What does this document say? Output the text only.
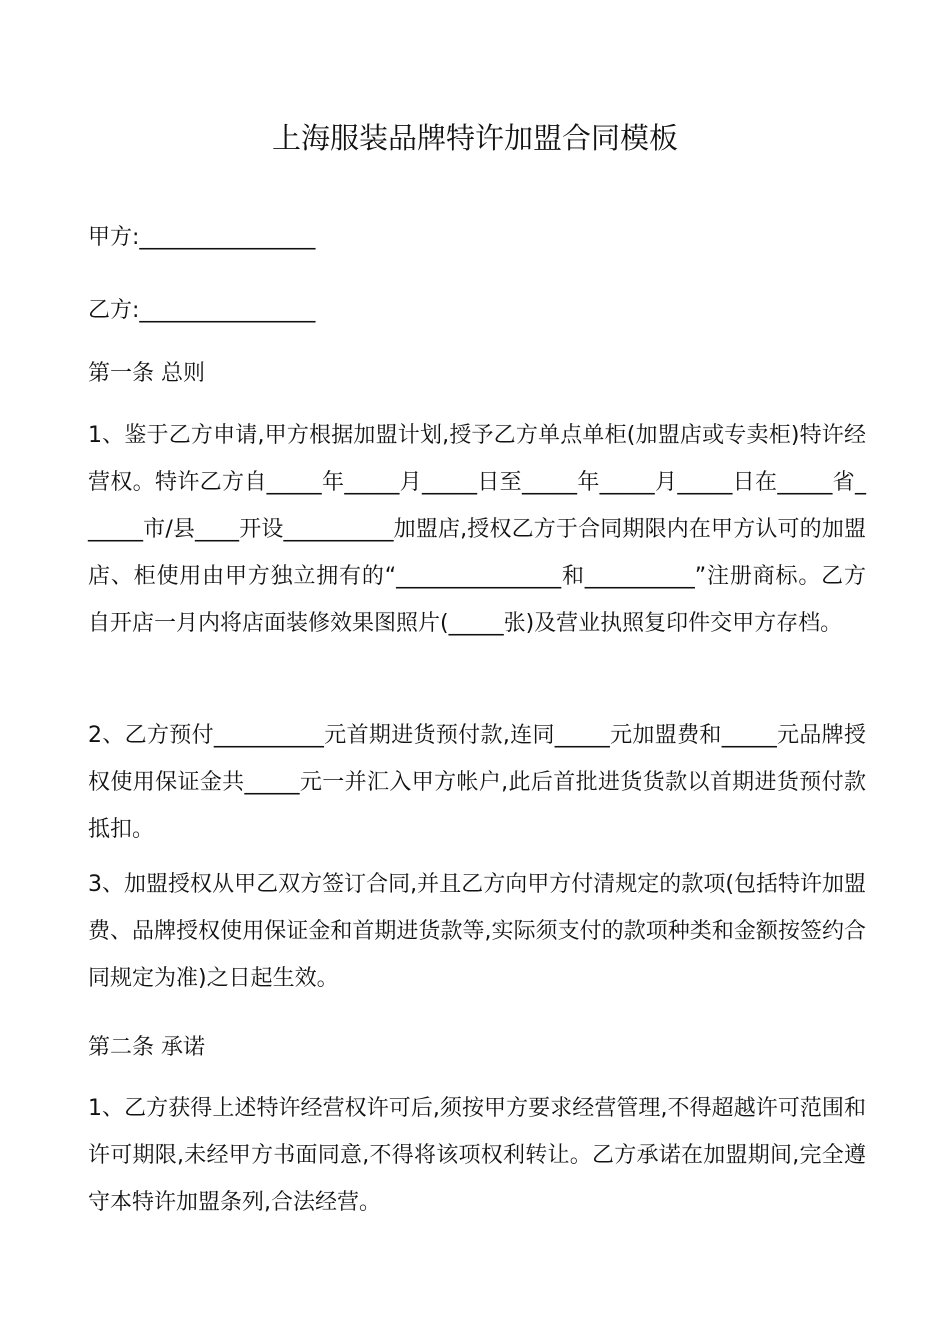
上海服装品牌特许加盟合同模板

甲方:________________

乙方:________________

第一条 总则

1、鉴于乙方申请,甲方根据加盟计划,授予乙方单点单柜(加盟店或专卖柜)特许经营权。特许乙方自_____年_____月_____日至_____年_____月_____日在_____省______市/县____开设__________加盟店,授权乙方于合同期限内在甲方认可的加盟店、柜使用由甲方独立拥有的“_______________和__________”注册商标。乙方自开店一月内将店面装修效果图照片(_____张)及营业执照复印件交甲方存档。

2、乙方预付__________元首期进货预付款,连同_____元加盟费和_____元品牌授权使用保证金共_____元一并汇入甲方帐户,此后首批进货货款以首期进货预付款抵扣。

3、加盟授权从甲乙双方签订合同,并且乙方向甲方付清规定的款项(包括特许加盟费、品牌授权使用保证金和首期进货款等,实际须支付的款项种类和金额按签约合同规定为准)之日起生效。

第二条 承诺

1、乙方获得上述特许经营权许可后,须按甲方要求经营管理,不得超越许可范围和许可期限,未经甲方书面同意,不得将该项权利转让。乙方承诺在加盟期间,完全遵守本特许加盟条列,合法经营。
